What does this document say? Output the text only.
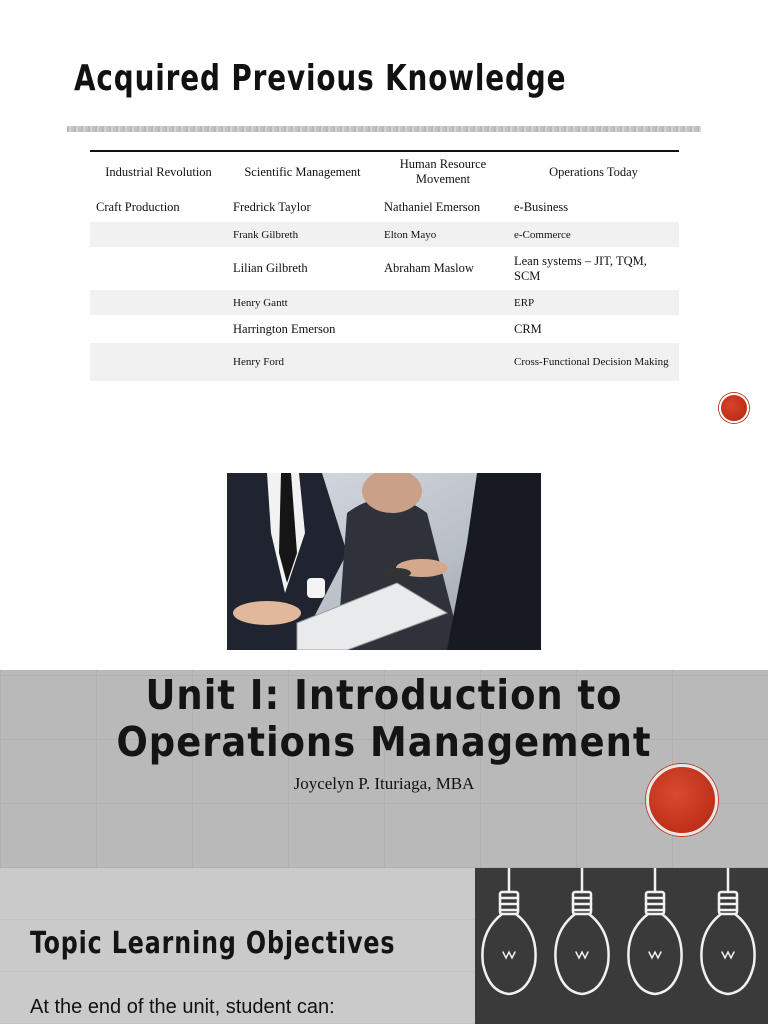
Acquired Previous Knowledge
Industrial Revolution	Scientific Management	Human Resource Movement	Operations Today
Craft Production	Fredrick Taylor	Nathaniel Emerson	e-Business
	Frank Gilbreth	Elton Mayo	e-Commerce
	Lilian Gilbreth	Abraham Maslow	Lean systems – JIT, TQM, SCM
	Henry Gantt		ERP
	Harrington Emerson		CRM
	Henry Ford		Cross-Functional Decision Making
Unit I: Introduction to Operations Management
Joycelyn P. Ituriaga, MBA
Topic Learning Objectives
At the end of the unit, student can:
